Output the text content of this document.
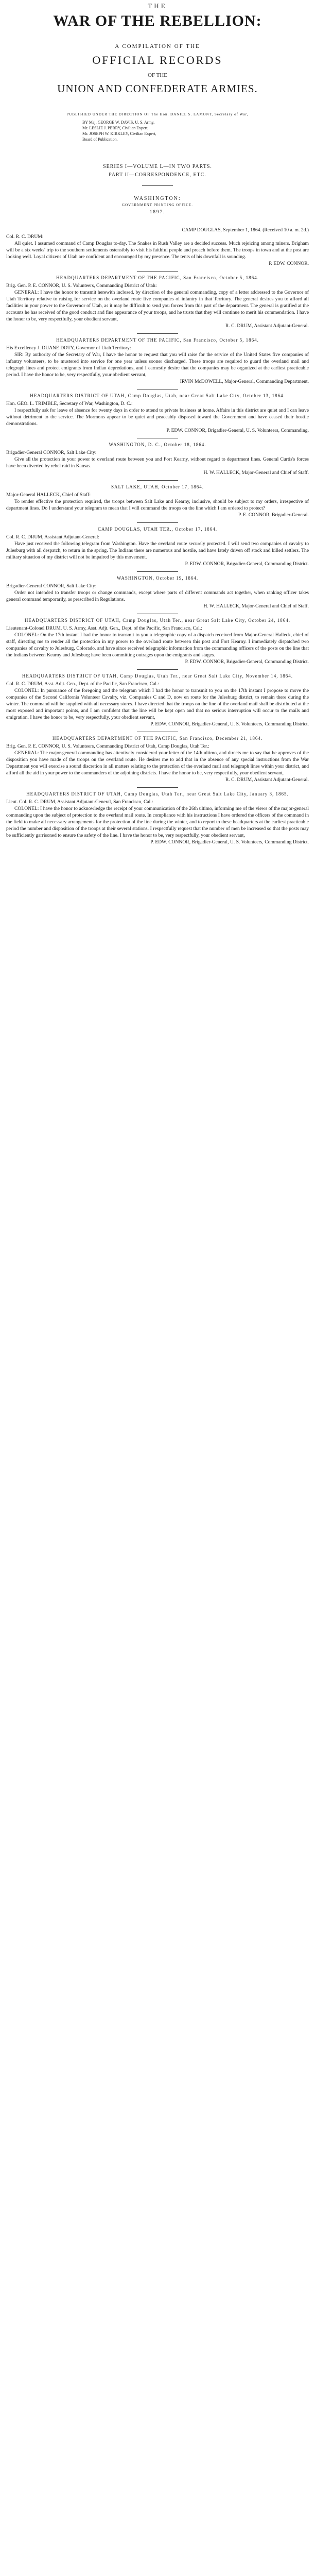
THE
WAR OF THE REBELLION:
A COMPILATION OF THE
OFFICIAL RECORDS
OF THE
UNION AND CONFEDERATE ARMIES.
PUBLISHED UNDER THE DIRECTION OF The Hon. DANIEL S. LAMONT, Secretary of War,
BY Maj. GEORGE W. DAVIS, U. S. Army,
Mr. LESLIE J. PERRY, Civilian Expert,
Mr. JOSEPH W. KIRKLEY, Civilian Expert,
Board of Publication.
SERIES I—VOLUME L—IN TWO PARTS.
PART II—CORRESPONDENCE, ETC.
WASHINGTON:
GOVERNMENT PRINTING OFFICE.
1897.
CAMP DOUGLAS, September 1, 1864. (Received 10 a. m. 2d.)
Col. R. C. DRUM:

All quiet. I assumed command of Camp Douglas to-day. The Snakes in Rush Valley are a decided success. Much rejoicing among miners. Brigham will be a six weeks' trip to the southern settlements ostensibly to visit his faithful people and preach before them. The troops in town and at the post are looking well. Loyal citizens of Utah are confident and encouraged by my presence. The tents of his downfall is sounding.

P. EDW. CONNOR.
HEADQUARTERS DEPARTMENT OF THE PACIFIC, San Francisco, October 5, 1864.
Brig. Gen. P. E. CONNOR, U. S. Volunteers, Commanding District of Utah:

GENERAL: I have the honor to transmit herewith inclosed, by direction of the general commanding, copy of a letter addressed to the Governor of Utah Territory relative to raising for service on the overland route five companies of infantry in that Territory. The general desires you to afford all facilities in your power to the Governor of Utah, as it may be difficult to send you forces from this part of the department. The general is gratified at the accounts he has received of the good conduct and fine appearance of your troops, and he trusts that they will continue to merit his commendation. I have the honor to be, very respectfully, your obedient servant,

R. C. DRUM, Assistant Adjutant-General.
HEADQUARTERS DEPARTMENT OF THE PACIFIC, San Francisco, October 5, 1864.
His Excellency J. DUANE DOTY, Governor of Utah Territory:

SIR: By authority of the Secretary of War, I have the honor to request that you will raise for the service of the United States five companies of infantry volunteers, to be mustered into service for one year unless sooner discharged. These troops are required to guard the overland mail and telegraph lines and protect emigrants from Indian depredations, and I earnestly desire that the companies may be organized at the earliest practicable period. I have the honor to be, very respectfully, your obedient servant,

IRVIN McDOWELL, Major-General, Commanding Department.
HEADQUARTERS DISTRICT OF UTAH, Camp Douglas, Utah, near Great Salt Lake City, October 13, 1864.
Hon. GEO. L. TRIMBLE, Secretary of War, Washington, D. C.:

I respectfully ask for leave of absence for twenty days in order to attend to private business at home. Affairs in this district are quiet and I can leave without detriment to the service. The Mormons appear to be quiet and peaceably disposed toward the Government and have ceased their hostile demonstrations.

P. EDW. CONNOR, Brigadier-General, U. S. Volunteers, Commanding.
WASHINGTON, D. C., October 18, 1864.
Brigadier-General CONNOR, Salt Lake City:

Give all the protection in your power to overland route between you and Fort Kearny, without regard to department lines. General Curtis's forces have been diverted by rebel raid in Kansas.

H. W. HALLECK, Major-General and Chief of Staff.
SALT LAKE, UTAH, October 17, 1864.
Major-General HALLECK, Chief of Staff:

To render effective the protection required, the troops between Salt Lake and Kearny, inclusive, should be subject to my orders, irrespective of department lines. Do I understand your telegram to mean that I will command the troops on the line which I am ordered to protect?

P. E. CONNOR, Brigadier-General.
CAMP DOUGLAS, UTAH TER., October 17, 1864.
Col. R. C. DRUM, Assistant Adjutant-General:

Have just received the following telegram from Washington. Have the overland route securely protected. I will send two companies of cavalry to Julesburg with all despatch, to return in the spring. The Indians there are numerous and hostile, and have lately driven off stock and killed settlers. The military situation of my district will not be impaired by this movement.

P. EDW. CONNOR, Brigadier-General, Commanding District.
WASHINGTON, October 19, 1864.
Brigadier-General CONNOR, Salt Lake City:

Order not intended to transfer troops or change commands, except where parts of different commands act together, when ranking officer takes general command temporarily, as prescribed in Regulations.

H. W. HALLECK, Major-General and Chief of Staff.
HEADQUARTERS DISTRICT OF UTAH, Camp Douglas, Utah Ter., near Great Salt Lake City, October 24, 1864.
Lieutenant-Colonel DRUM, U. S. Army, Asst. Adjt. Gen., Dept. of the Pacific, San Francisco, Cal.:

COLONEL: On the 17th instant I had the honor to transmit to you a telegraphic copy of a dispatch received from Major-General Halleck, chief of staff, directing me to render all the protection in my power to the overland route between this post and Fort Kearny. I immediately dispatched two companies of cavalry to Julesburg, Colorado, and have since received telegraphic information from the commanding officers of the posts on the line that the Indians between Kearny and Julesburg have been committing outrages upon the emigrants and stages.

P. EDW. CONNOR, Brigadier-General, Commanding District.
HEADQUARTERS DISTRICT OF UTAH, Camp Douglas, Utah Ter., near Great Salt Lake City, November 14, 1864.
Col. R. C. DRUM, Asst. Adjt. Gen., Dept. of the Pacific, San Francisco, Cal.:

COLONEL: In pursuance of the foregoing and the telegram which I had the honor to transmit to you on the 17th instant I propose to move the companies of the Second California Volunteer Cavalry, viz. Companies C and D, now en route for the Julesburg district, to remain there during the winter. The command will be supplied with all necessary stores. I have directed that the troops on the line of the overland mail shall be distributed at the most exposed and important points, and I am confident that the line will be kept open and that no serious interruption will occur to the mails and emigration. I have the honor to be, very respectfully, your obedient servant,

P. EDW. CONNOR, Brigadier-General, U. S. Volunteers, Commanding District.
HEADQUARTERS DEPARTMENT OF THE PACIFIC, San Francisco, December 21, 1864.
Brig. Gen. P. E. CONNOR, U. S. Volunteers, Commanding District of Utah, Camp Douglas, Utah Ter.:

GENERAL: The major-general commanding has attentively considered your letter of the 14th ultimo, and directs me to say that he approves of the disposition you have made of the troops on the overland route. He desires me to add that in the absence of any special instructions from the War Department you will exercise a sound discretion in all matters relating to the protection of the overland mail and telegraph lines within your district, and afford all the aid in your power to the commanders of the adjoining districts. I have the honor to be, very respectfully, your obedient servant,

R. C. DRUM, Assistant Adjutant-General.
HEADQUARTERS DISTRICT OF UTAH, Camp Douglas, Utah Ter., near Great Salt Lake City, January 3, 1865.
Lieut. Col. R. C. DRUM, Assistant Adjutant-General, San Francisco, Cal.:

COLONEL: I have the honor to acknowledge the receipt of your communication of the 26th ultimo, informing me of the views of the major-general commanding upon the subject of protection to the overland mail route. In compliance with his instructions I have ordered the officers of the command in the field to make all necessary arrangements for the protection of the line during the winter, and to report to these headquarters at the earliest practicable period the number and disposition of the troops at their several stations. I respectfully request that the number of men be increased so that the posts may be sufficiently garrisoned to ensure the safety of the line. I have the honor to be, very respectfully, your obedient servant,

P. EDW. CONNOR, Brigadier-General, U. S. Volunteers, Commanding District.
